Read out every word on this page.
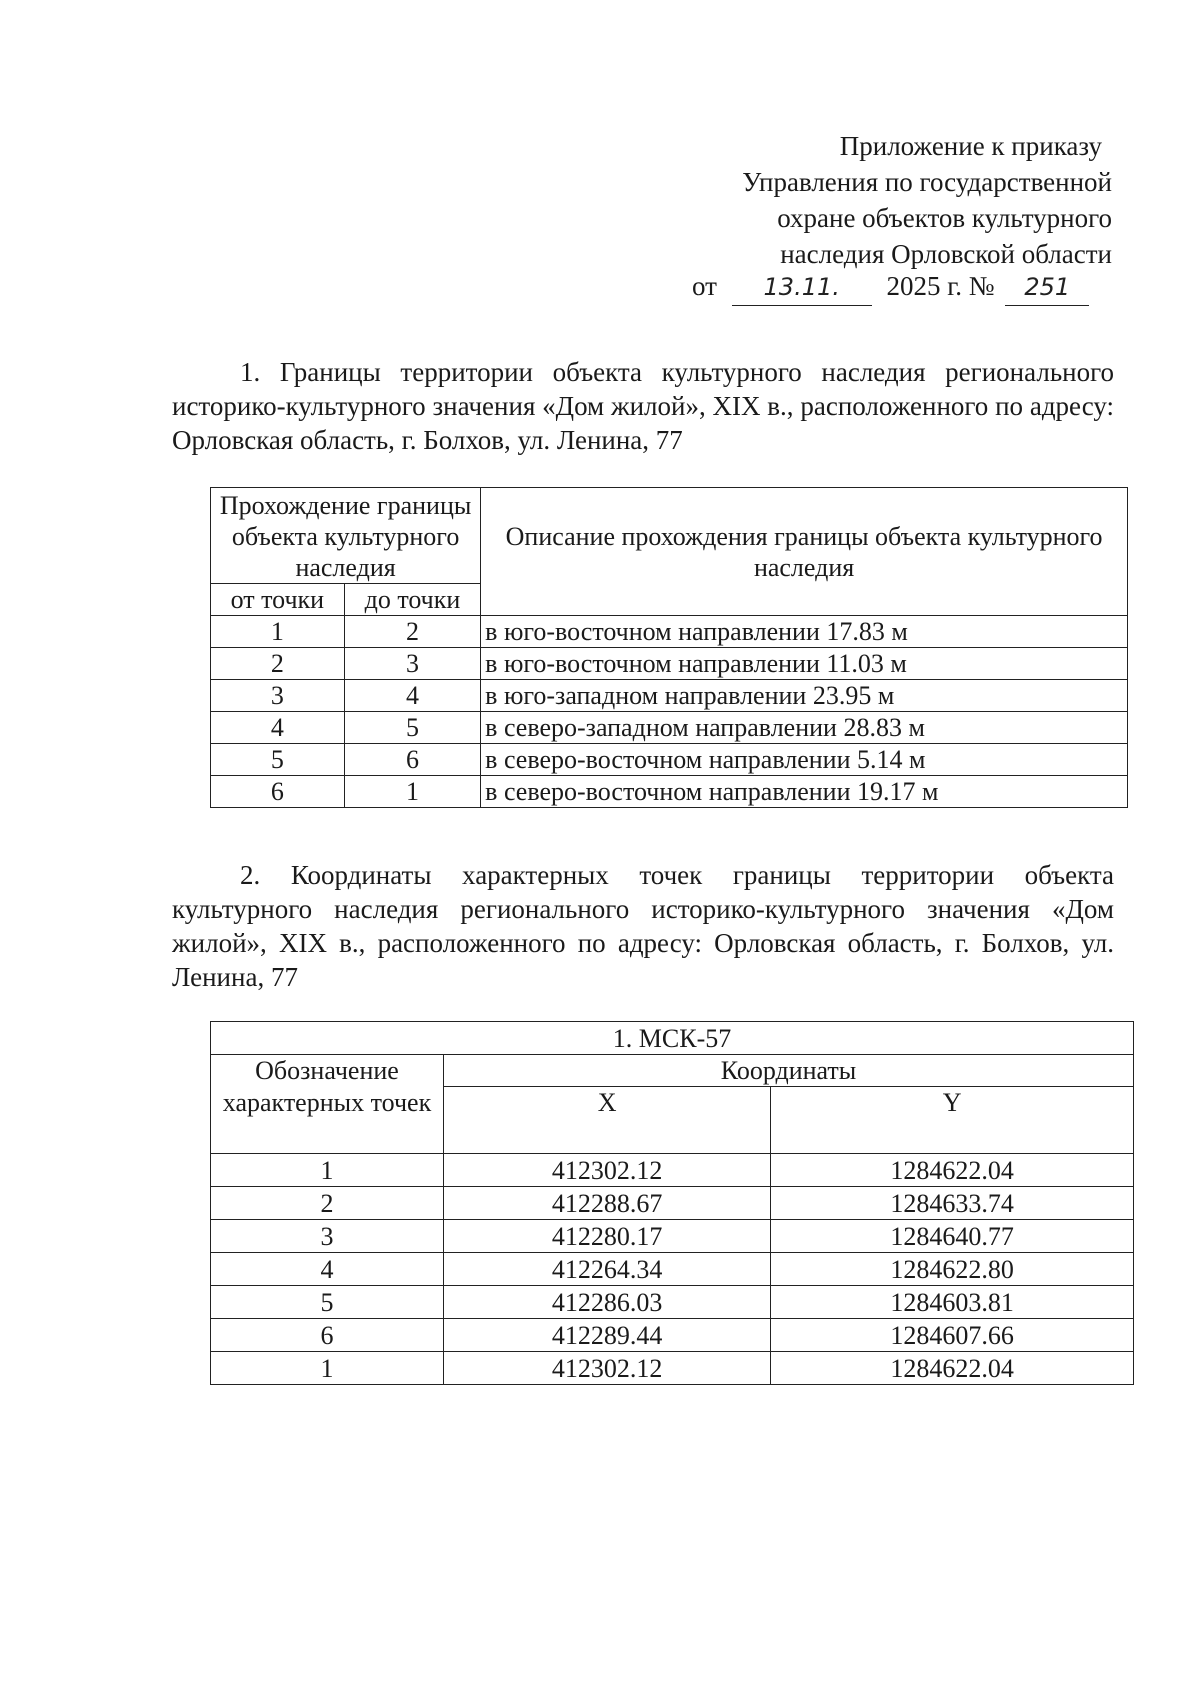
Приложение к приказу
Управления по государственной
охране объектов культурного
наследия Орловской области
от 13.11. 2025 г. № 251
1. Границы территории объекта культурного наследия регионального историко-культурного значения «Дом жилой», XIX в., расположенного по адресу: Орловская область, г. Болхов, ул. Ленина, 77
Прохождение границы объекта культурного наследия		Описание прохождения границы объекта культурного наследия
от точки	до точки	
1	2	в юго-восточном направлении 17.83 м
2	3	в юго-восточном направлении 11.03 м
3	4	в юго-западном направлении 23.95 м
4	5	в северо-западном направлении 28.83 м
5	6	в северо-восточном направлении 5.14 м
6	1	в северо-восточном направлении 19.17 м
2. Координаты характерных точек границы территории объекта культурного наследия регионального историко-культурного значения «Дом жилой», XIX в., расположенного по адресу: Орловская область, г. Болхов, ул. Ленина, 77
1. МСК-57		
Обозначение характерных точек	Координаты	
	X	Y
1	412302.12	1284622.04
2	412288.67	1284633.74
3	412280.17	1284640.77
4	412264.34	1284622.80
5	412286.03	1284603.81
6	412289.44	1284607.66
1	412302.12	1284622.04
